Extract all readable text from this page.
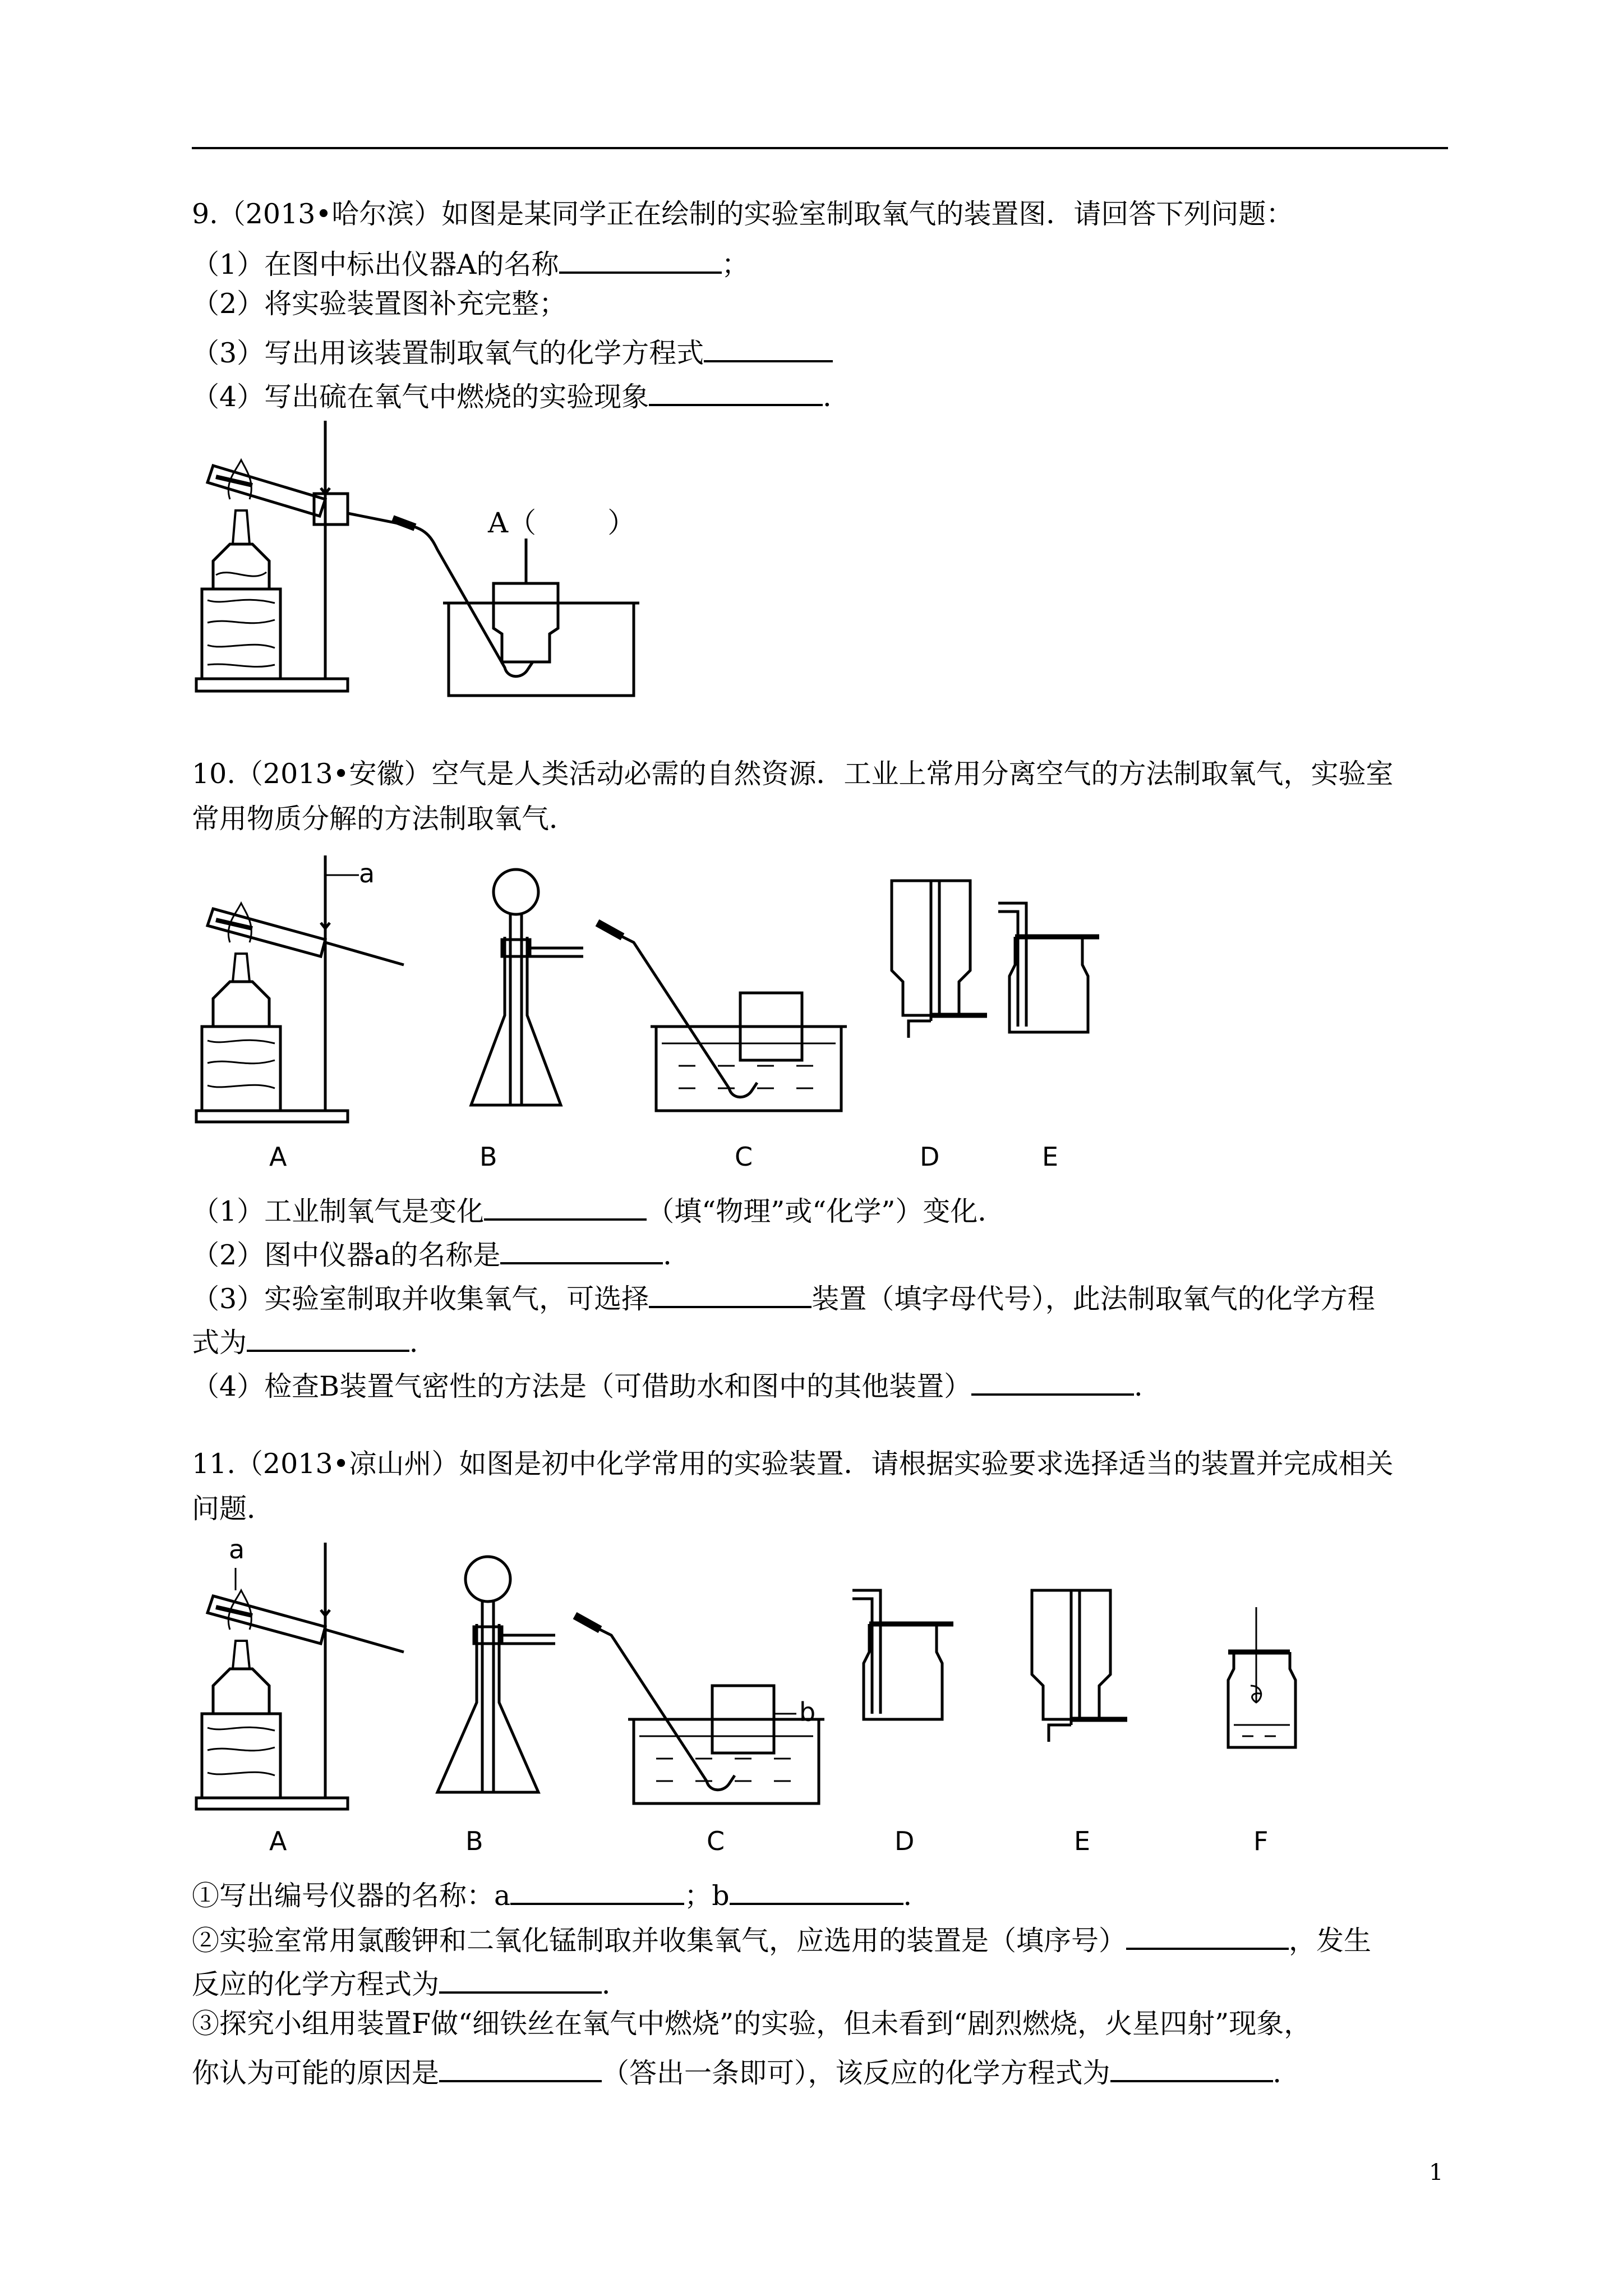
9.（2013•哈尔滨）如图是某同学正在绘制的实验室制取氧气的装置图．请回答下列问题：
（1）在图中标出仪器A的名称	；
（2）将实验装置图补充完整；
（3）写出用该装置制取氧气的化学方程式
（4）写出硫在氧气中燃烧的实验现象	．
A（        ）
10.（2013•安徽）空气是人类活动必需的自然资源．工业上常用分离空气的方法制取氧气，实验室
常用物质分解的方法制取氧气．
a
A	B	C	D	E
（1）工业制氧气是变化	（填“物理”或“化学”）变化．
（2）图中仪器a的名称是	．
（3）实验室制取并收集氧气，可选择	装置（填字母代号），此法制取氧气的化学方程
式为	．
（4）检查B装置气密性的方法是（可借助水和图中的其他装置）	．
11.（2013•凉山州）如图是初中化学常用的实验装置．请根据实验要求选择适当的装置并完成相关
问题．
a
b
A	B	C	D	E	F
①写出编号仪器的名称：a	；b	．
②实验室常用氯酸钾和二氧化锰制取并收集氧气，应选用的装置是（填序号）	，发生
反应的化学方程式为	．
③探究小组用装置F做“细铁丝在氧气中燃烧”的实验，但未看到“剧烈燃烧，火星四射”现象，
你认为可能的原因是	（答出一条即可），该反应的化学方程式为	．
1
